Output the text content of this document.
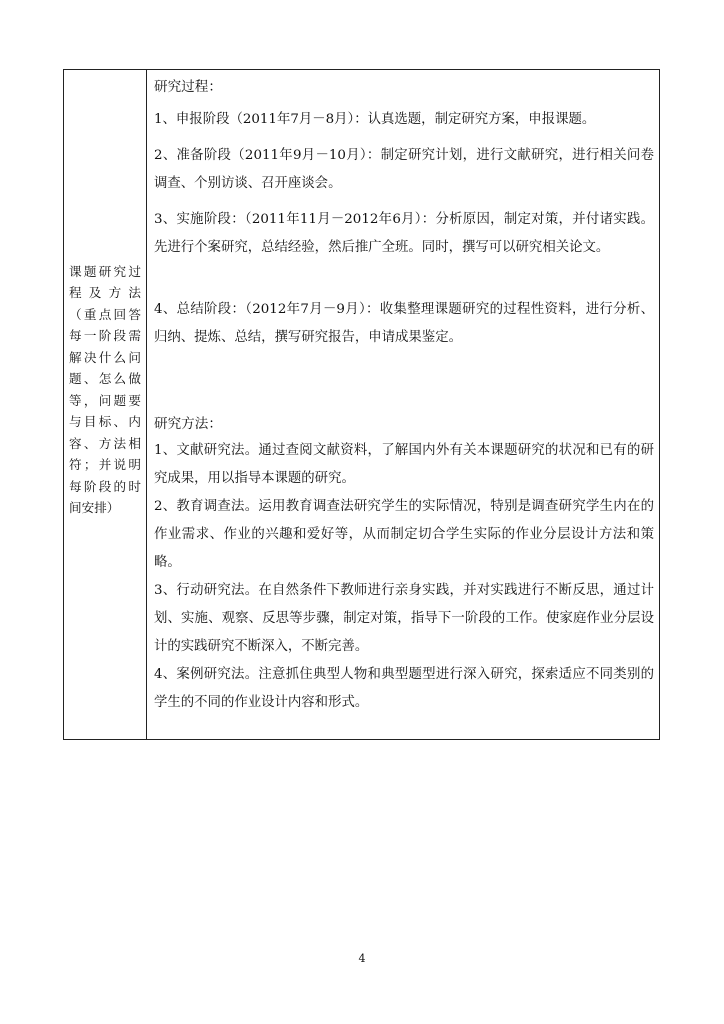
课题研究过程及方法（重点回答每一阶段需解决什么问题、怎么做等，问题要与目标、内容、方法相符；并说明每阶段的时间安排）
研究过程：
1、申报阶段（2011年7月－8月）：认真选题，制定研究方案，申报课题。
2、准备阶段（2011年9月－10月）：制定研究计划，进行文献研究，进行相关问卷调查、个别访谈、召开座谈会。
3、实施阶段：（2011年11月－2012年6月）：分析原因，制定对策，并付诸实践。先进行个案研究，总结经验，然后推广全班。同时，撰写可以研究相关论文。
4、总结阶段：（2012年7月－9月）：收集整理课题研究的过程性资料，进行分析、归纳、提炼、总结，撰写研究报告，申请成果鉴定。
研究方法：
1、文献研究法。通过查阅文献资料，了解国内外有关本课题研究的状况和已有的研究成果，用以指导本课题的研究。
2、教育调查法。运用教育调查法研究学生的实际情况，特别是调查研究学生内在的作业需求、作业的兴趣和爱好等，从而制定切合学生实际的作业分层设计方法和策略。
3、行动研究法。在自然条件下教师进行亲身实践，并对实践进行不断反思，通过计划、实施、观察、反思等步骤，制定对策，指导下一阶段的工作。使家庭作业分层设计的实践研究不断深入，不断完善。
4、案例研究法。注意抓住典型人物和典型题型进行深入研究，探索适应不同类别的学生的不同的作业设计内容和形式。
4
